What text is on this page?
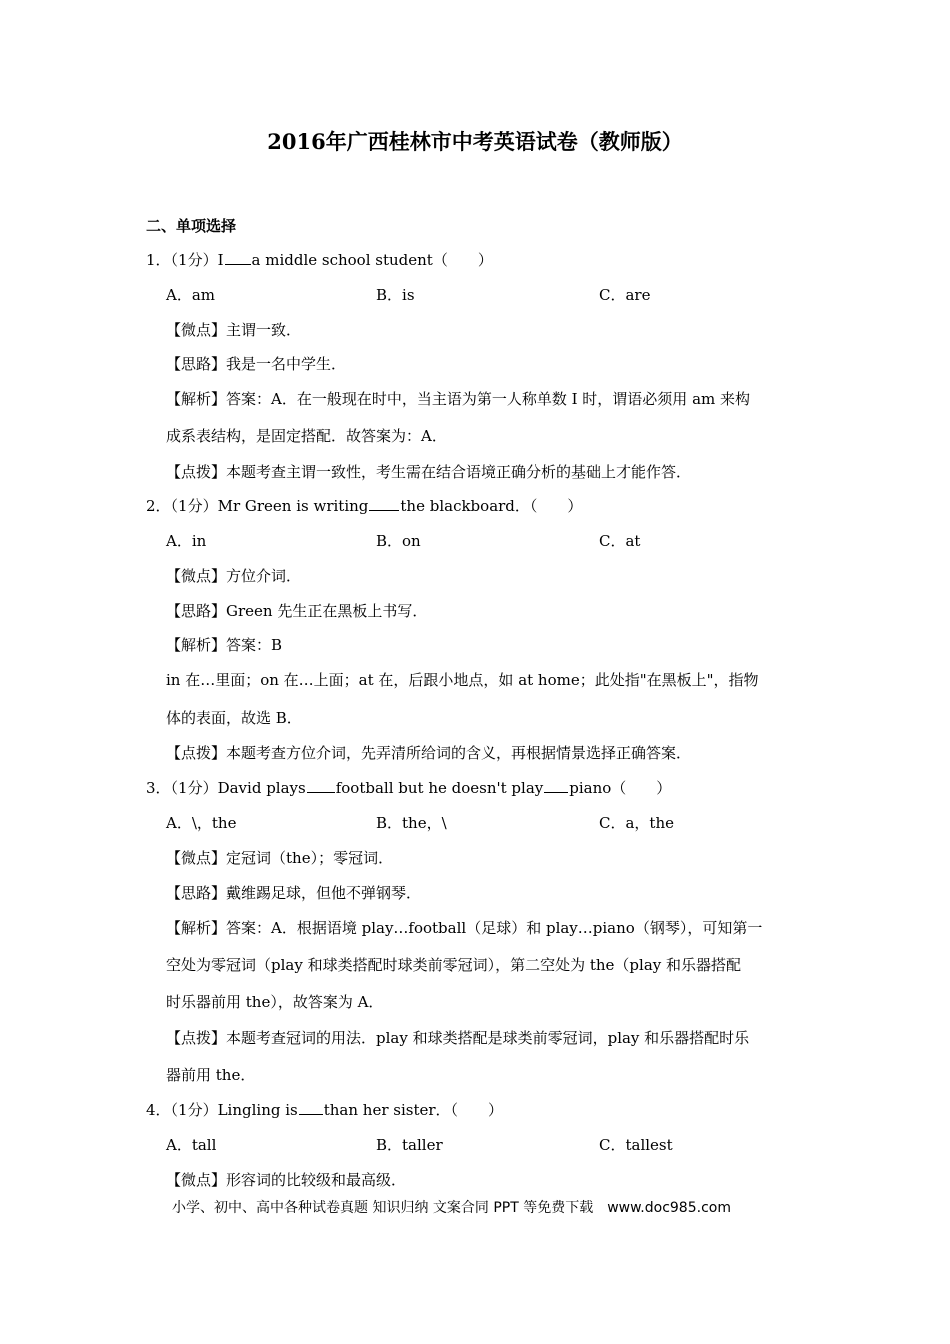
2016年广西桂林市中考英语试卷（教师版）
二、单项选择
1．（1分）I a middle school student（　　）
A．am	B．is	C．are
【微点】主谓一致．
【思路】我是一名中学生．
【解析】答案：A．在一般现在时中，当主语为第一人称单数 I 时，谓语必须用 am 来构
成系表结构，是固定搭配．故答案为：A．
【点拨】本题考查主谓一致性，考生需在结合语境正确分析的基础上才能作答．
2．（1分）Mr Green is writing the blackboard．（　　）
A．in	B．on	C．at
【微点】方位介词．
【思路】Green 先生正在黑板上书写．
【解析】答案：B
in 在…里面；on 在…上面；at 在，后跟小地点，如 at home；此处指"在黑板上"，指物
体的表面，故选 B．
【点拨】本题考查方位介词，先弄清所给词的含义，再根据情景选择正确答案．
3．（1分）David plays football but he doesn't play piano（　　）
A．\，the	B．the，\	C．a，the
【微点】定冠词（the）；零冠词．
【思路】戴维踢足球，但他不弹钢琴．
【解析】答案：A．根据语境 play…football（足球）和 play…piano（钢琴），可知第一
空处为零冠词（play 和球类搭配时球类前零冠词），第二空处为 the（play 和乐器搭配
时乐器前用 the），故答案为 A．
【点拨】本题考查冠词的用法．play 和球类搭配是球类前零冠词，play 和乐器搭配时乐
器前用 the．
4．（1分）Lingling is than her sister．（　　）
A．tall	B．taller	C．tallest
【微点】形容词的比较级和最高级．
小学、初中、高中各种试卷真题 知识归纳 文案合同 PPT 等免费下载　www.doc985.com
